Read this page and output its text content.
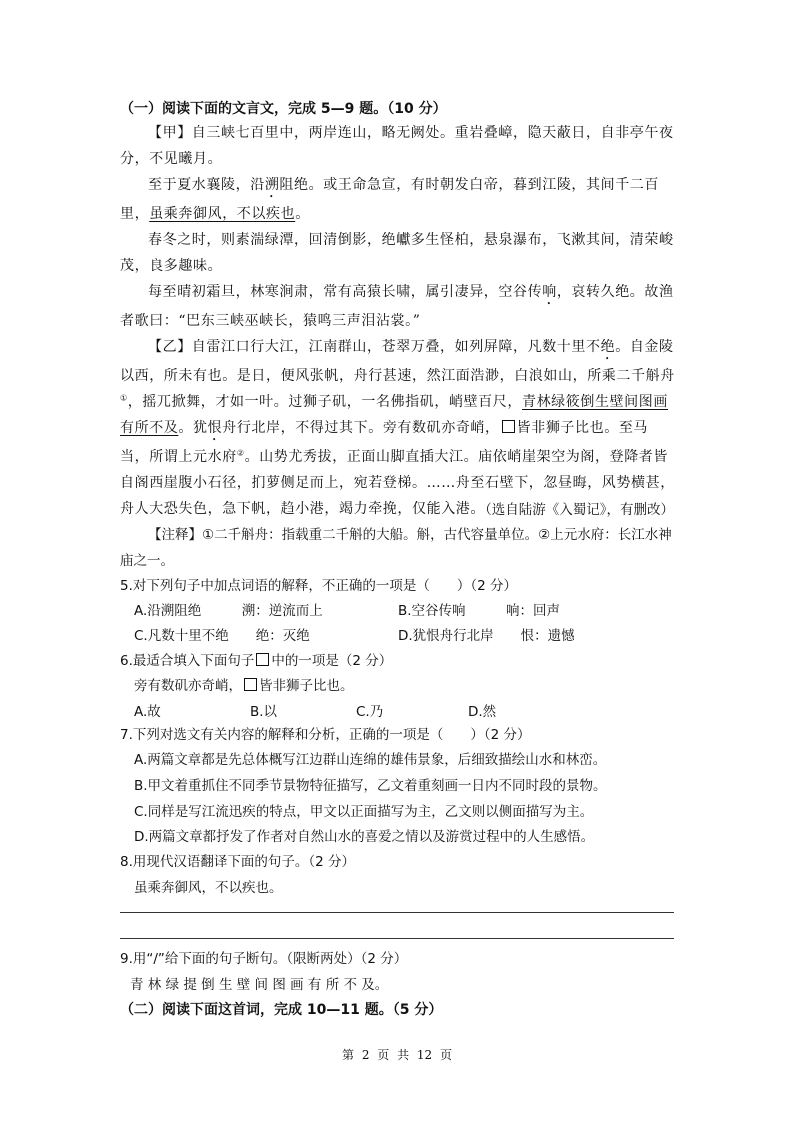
（一）阅读下面的文言文，完成 5—9 题。（10 分）

【甲】自三峡七百里中，两岸连山，略无阙处。重岩叠嶂，隐天蔽日，自非亭午夜分，不见曦月。

至于夏水襄陵，沿溯阻绝。或王命急宣，有时朝发白帝，暮到江陵，其间千二百里，虽乘奔御风，不以疾也。

春冬之时，则素湍绿潭，回清倒影，绝巘多生怪柏，悬泉瀑布，飞漱其间，清荣峻茂，良多趣味。

每至晴初霜旦，林寒涧肃，常有高猿长啸，属引凄异，空谷传响，哀转久绝。故渔者歌曰：“巴东三峡巫峡长，猿鸣三声泪沾裳。”

【乙】自雷江口行大江，江南群山，苍翠万叠，如列屏障，凡数十里不绝。自金陵以西，所未有也。是日，便风张帆，舟行甚速，然江面浩渺，白浪如山，所乘二千斛舟①，摇兀掀舞，才如一叶。过狮子矶，一名佛指矶，峭壁百尺，青林绿筱倒生壁间图画有所不及。犹恨舟行北岸，不得过其下。旁有数矶亦奇峭， 皆非狮子比也。至马当，所谓上元水府②。山势尤秀拔，正面山脚直插大江。庙依峭崖架空为阁，登降者皆自阁西崖腹小石径，扪萝侧足而上，宛若登梯。……舟至石壁下，忽昼晦，风势横甚，舟人大恐失色，急下帆，趋小港，竭力牵挽，仅能入港。

（选自陆游《入蜀记》，有删改）
【注释】①二千斛舟：指载重二千斛的大船。斛，古代容量单位。②上元水府：长江水神庙之一。
5.对下列句子中加点词语的解释，不正确的一项是（　　）（2 分）
A.沿溯阻绝　　　溯：逆流而上	B.空谷传响　　　响：回声
C.凡数十里不绝　　绝：灭绝	D.犹恨舟行北岸　　恨：遗憾
6.最适合填入下面句子 中的一项是（2 分）
旁有数矶亦奇峭， 皆非狮子比也。
A.故	B.以	C.乃	D.然
7.下列对选文有关内容的解释和分析，正确的一项是（　　）（2 分）
A.两篇文章都是先总体概写江边群山连绵的雄伟景象，后细致描绘山水和林峦。
B.甲文着重抓住不同季节景物特征描写，乙文着重刻画一日内不同时段的景物。
C.同样是写江流迅疾的特点，甲文以正面描写为主，乙文则以侧面描写为主。
D.两篇文章都抒发了作者对自然山水的喜爱之情以及游赏过程中的人生感悟。
8.用现代汉语翻译下面的句子。（2 分）
虽乘奔御风，不以疾也。
9.用“/”给下面的句子断句。（限断两处）（2 分）
青 林 绿 提 倒 生 壁 间 图 画 有 所 不 及。
（二）阅读下面这首词，完成 10—11 题。（5 分）
第 2 页 共 12 页
